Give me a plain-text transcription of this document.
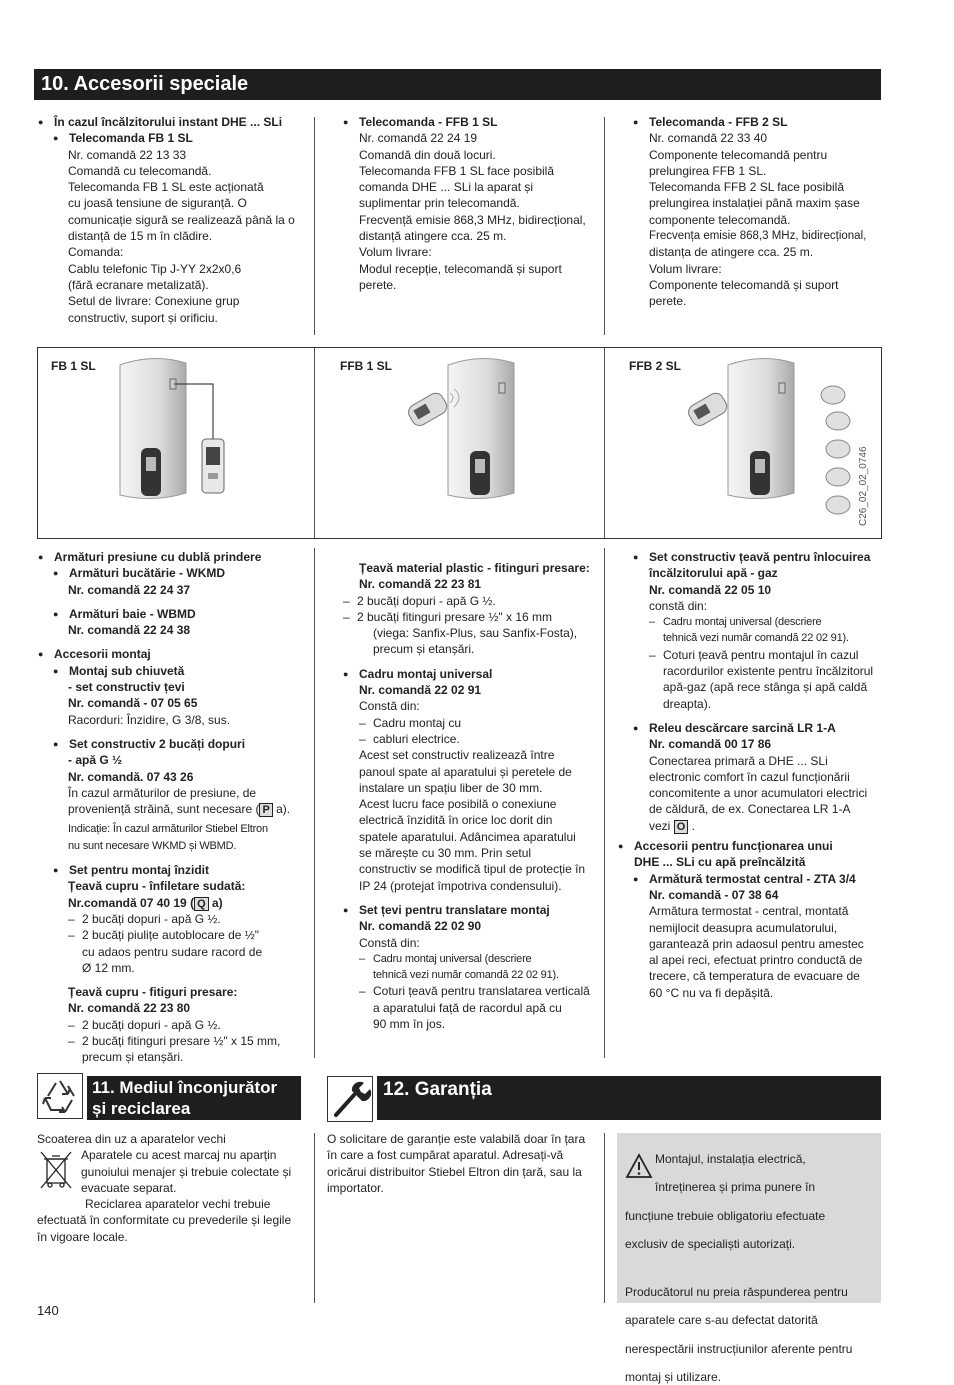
10. Accesorii speciale

● În cazul încălzitorului instant DHE ... SLi

● Telecomanda FB 1 SL

Nr. comandă 22 13 33

Comandă cu telecomandă.

Telecomanda FB 1 SL este acționată

cu joasă tensiune de siguranță. O

comunicație sigură se realizează până la o

distanță de 15 m în clădire.

Comanda:

Cablu telefonic Tip J-YY 2x2x0,6

(fără ecranare metalizată).

Setul de livrare: Conexiune grup

constructiv, suport și orificiu.

● Telecomanda - FFB 1 SL

Nr. comandă 22 24 19

Comandă din două locuri.

Telecomanda FFB 1 SL face posibilă

comanda DHE ... SLi la aparat și

suplimentar prin telecomandă.

Frecvență emisie 868,3 MHz, bidirecțional,

distanță atingere cca. 25 m.

Volum livrare:

Modul recepție, telecomandă și suport

perete.

● Telecomanda - FFB 2 SL

Nr. comandă 22 33 40

Componente telecomandă pentru

prelungirea FFB 1 SL.

Telecomanda FFB 2 SL face posibilă

prelungirea instalației până maxim șase

componente telecomandă.

Frecvența emisie 868,3 MHz, bidirecțional,

distanța de atingere cca. 25 m.

Volum livrare:

Componente telecomandă și suport

perete.

FB 1 SL	FFB 1 SL	FFB 2 SL
C26_02_02_0746

● Armături presiune cu dublă prindere

● Armături bucătărie - WKMD

Nr. comandă 22 24 37

● Armături baie - WBMD

Nr. comandă 22 24 38

● Accesorii montaj

● Montaj sub chiuvetă

- set constructiv țevi

Nr. comandă - 07 05 65

Racorduri: Înzidire, G 3/8, sus.

● Set constructiv 2 bucăți dopuri

- apă G ½

Nr. comandă. 07 43 26

În cazul armăturilor de presiune, de

proveniență străină, sunt necesare ( P a).

Indicație: În cazul armăturilor Stiebel Eltron

nu sunt necesare WKMD și WBMD.

● Set pentru montaj înzidit

Țeavă cupru - înfiletare sudată:

Nr.comandă 07 40 19 ( Q a)

– 2 bucăți dopuri - apă G ½.

– 2 bucăți piulițe autoblocare de ½"

cu adaos pentru sudare racord de

Ø 12 mm.

Țeavă cupru - fitiguri presare:

Nr. comandă 22 23 80

– 2 bucăți dopuri - apă G ½.

– 2 bucăți fitinguri presare ½" x 15 mm,

precum și etanșări.

Țeavă material plastic - fitinguri presare:

Nr. comandă 22 23 81

– 2 bucăți dopuri - apă G ½.

– 2 bucăți fitinguri presare ½" x 16 mm

(viega: Sanfix-Plus, sau Sanfix-Fosta),

precum și etanșări.

● Cadru montaj universal

Nr. comandă 22 02 91

Constă din:

– Cadru montaj cu

– cabluri electrice.

Acest set constructiv realizează între

panoul spate al aparatului și peretele de

instalare un spațiu liber de 30 mm.

Acest lucru face posibilă o conexiune

electrică înzidită în orice loc dorit din

spatele aparatului. Adâncimea aparatului

se mărește cu 30 mm. Prin setul

constructiv se modifică tipul de protecție în

IP 24 (protejat împotriva condensului).

● Set țevi pentru translatare montaj

Nr. comandă 22 02 90

Constă din:

– Cadru montaj universal (descriere

tehnică vezi număr comandă 22 02 91).

– Coturi țeavă pentru translatarea verticală

a aparatului față de racordul apă cu

90 mm în jos.

● Set constructiv țeavă pentru înlocuirea

încălzitorului apă - gaz

Nr. comandă 22 05 10

constă din:

– Cadru montaj universal (descriere

tehnică vezi număr comandă 22 02 91).

– Coturi țeavă pentru montajul în cazul

racordurilor existente pentru încălzitorul

apă-gaz (apă rece stânga și apă caldă

dreapta).

● Releu descărcare sarcină LR 1-A

Nr. comandă 00 17 86

Conectarea primară a DHE ... SLi

electronic comfort în cazul funcționării

concomitente a unor acumulatori electrici

de căldură, de ex. Conectarea LR 1-A

vezi O .

● Accesorii pentru funcționarea unui

DHE ... SLi cu apă preîncălzită

● Armătură termostat central - ZTA 3/4

Nr. comandă - 07 38 64

Armătura termostat - central, montată

nemijlocit deasupra acumulatorului,

garantează prin adaosul pentru amestec

al apei reci, efectuat printro conductă de

trecere, că temperatura de evacuare de

60 °C nu va fi depășită.

11. Mediul înconjurător
și reciclarea
12. Garanția

Scoaterea din uz a aparatelor vechi

Aparatele cu acest marcaj nu aparțin

gunoiului menajer și trebuie colectate și

evacuate separat.

Reciclarea aparatelor vechi trebuie

efectuată în conformitate cu prevederile și legile

în vigoare locale.

O solicitare de garanție este valabilă doar în țara

în care a fost cumpărat aparatul. Adresați-vă

oricărui distribuitor Stiebel Eltron din țară, sau la

importator.

Montajul, instalația electrică,

întreținerea și prima punere în

funcțiune trebuie obligatoriu efectuate

exclusiv de specialiști autorizați.

Producătorul nu preia răspunderea pentru

aparatele care s-au defectat datorită

nerespectării instrucțiunilor aferente pentru

montaj și utilizare.

140
